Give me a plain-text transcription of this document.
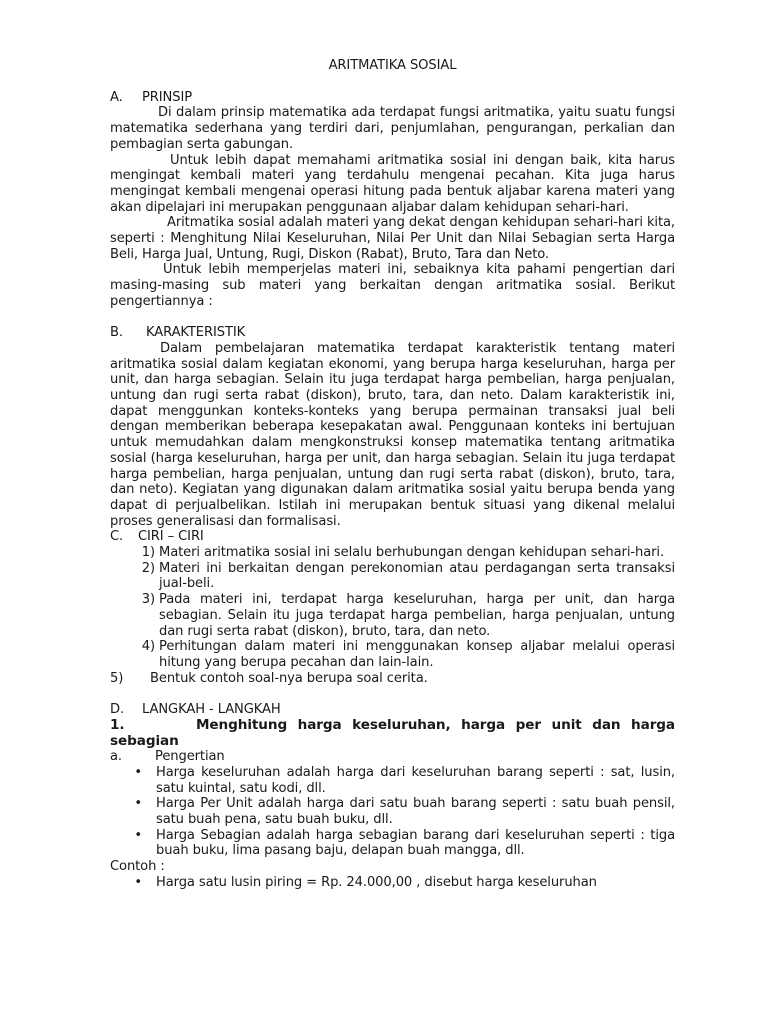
ARITMATIKA SOSIAL
A.	PRINSIP
Di dalam prinsip matematika ada terdapat fungsi aritmatika, yaitu suatu fungsi matematika sederhana yang terdiri dari, penjumlahan, pengurangan, perkalian dan pembagian serta gabungan.
Untuk lebih dapat memahami aritmatika sosial ini dengan baik, kita harus mengingat kembali materi yang terdahulu mengenai pecahan. Kita juga harus mengingat kembali mengenai operasi hitung pada bentuk aljabar karena materi yang akan dipelajari ini merupakan penggunaan aljabar dalam kehidupan sehari-hari.
Aritmatika sosial adalah materi yang dekat dengan kehidupan sehari-hari kita, seperti : Menghitung Nilai Keseluruhan, Nilai Per Unit dan Nilai Sebagian serta Harga Beli, Harga Jual, Untung, Rugi, Diskon (Rabat), Bruto, Tara dan Neto.
Untuk lebih memperjelas materi ini, sebaiknya kita pahami pengertian dari masing-masing sub materi yang berkaitan dengan aritmatika sosial. Berikut pengertiannya :
B.	KARAKTERISTIK
Dalam pembelajaran matematika terdapat karakteristik tentang materi aritmatika sosial dalam kegiatan ekonomi, yang berupa harga keseluruhan, harga per unit, dan harga sebagian. Selain itu juga terdapat harga pembelian, harga penjualan, untung dan rugi serta rabat (diskon), bruto, tara, dan neto. Dalam karakteristik ini, dapat menggunkan konteks-konteks yang berupa permainan transaksi jual beli dengan memberikan beberapa kesepakatan awal. Penggunaan konteks ini bertujuan untuk memudahkan dalam mengkonstruksi konsep matematika tentang aritmatika sosial (harga keseluruhan, harga per unit, dan harga sebagian. Selain itu juga terdapat harga pembelian, harga penjualan, untung dan rugi serta rabat (diskon), bruto, tara, dan neto). Kegiatan yang digunakan dalam aritmatika sosial yaitu berupa benda yang dapat di perjualbelikan. Istilah ini merupakan bentuk situasi yang dikenal melalui proses generalisasi dan formalisasi.
C.	CIRI – CIRI
1) Materi aritmatika sosial ini selalu berhubungan dengan kehidupan sehari-hari.
2) Materi ini berkaitan dengan perekonomian atau perdagangan serta transaksi jual-beli.
3) Pada materi ini, terdapat harga keseluruhan, harga per unit, dan harga sebagian. Selain itu juga terdapat harga pembelian, harga penjualan, untung dan rugi serta rabat (diskon), bruto, tara, dan neto.
4) Perhitungan dalam materi ini menggunakan konsep aljabar melalui operasi hitung yang berupa pecahan dan lain-lain.
5)	Bentuk contoh soal-nya berupa soal cerita.
D.	LANGKAH - LANGKAH
1.	Menghitung harga keseluruhan, harga per unit dan harga sebagian
a.	Pengertian
•	Harga keseluruhan adalah harga dari keseluruhan barang seperti : sat, lusin, satu kuintal, satu kodi, dll.
•	Harga Per Unit adalah harga dari satu buah barang seperti : satu buah pensil, satu buah pena, satu buah buku, dll.
•	Harga Sebagian adalah harga sebagian barang dari keseluruhan seperti : tiga buah buku, lima pasang baju, delapan buah mangga, dll.
Contoh :
•	Harga satu lusin piring = Rp. 24.000,00 , disebut harga keseluruhan
